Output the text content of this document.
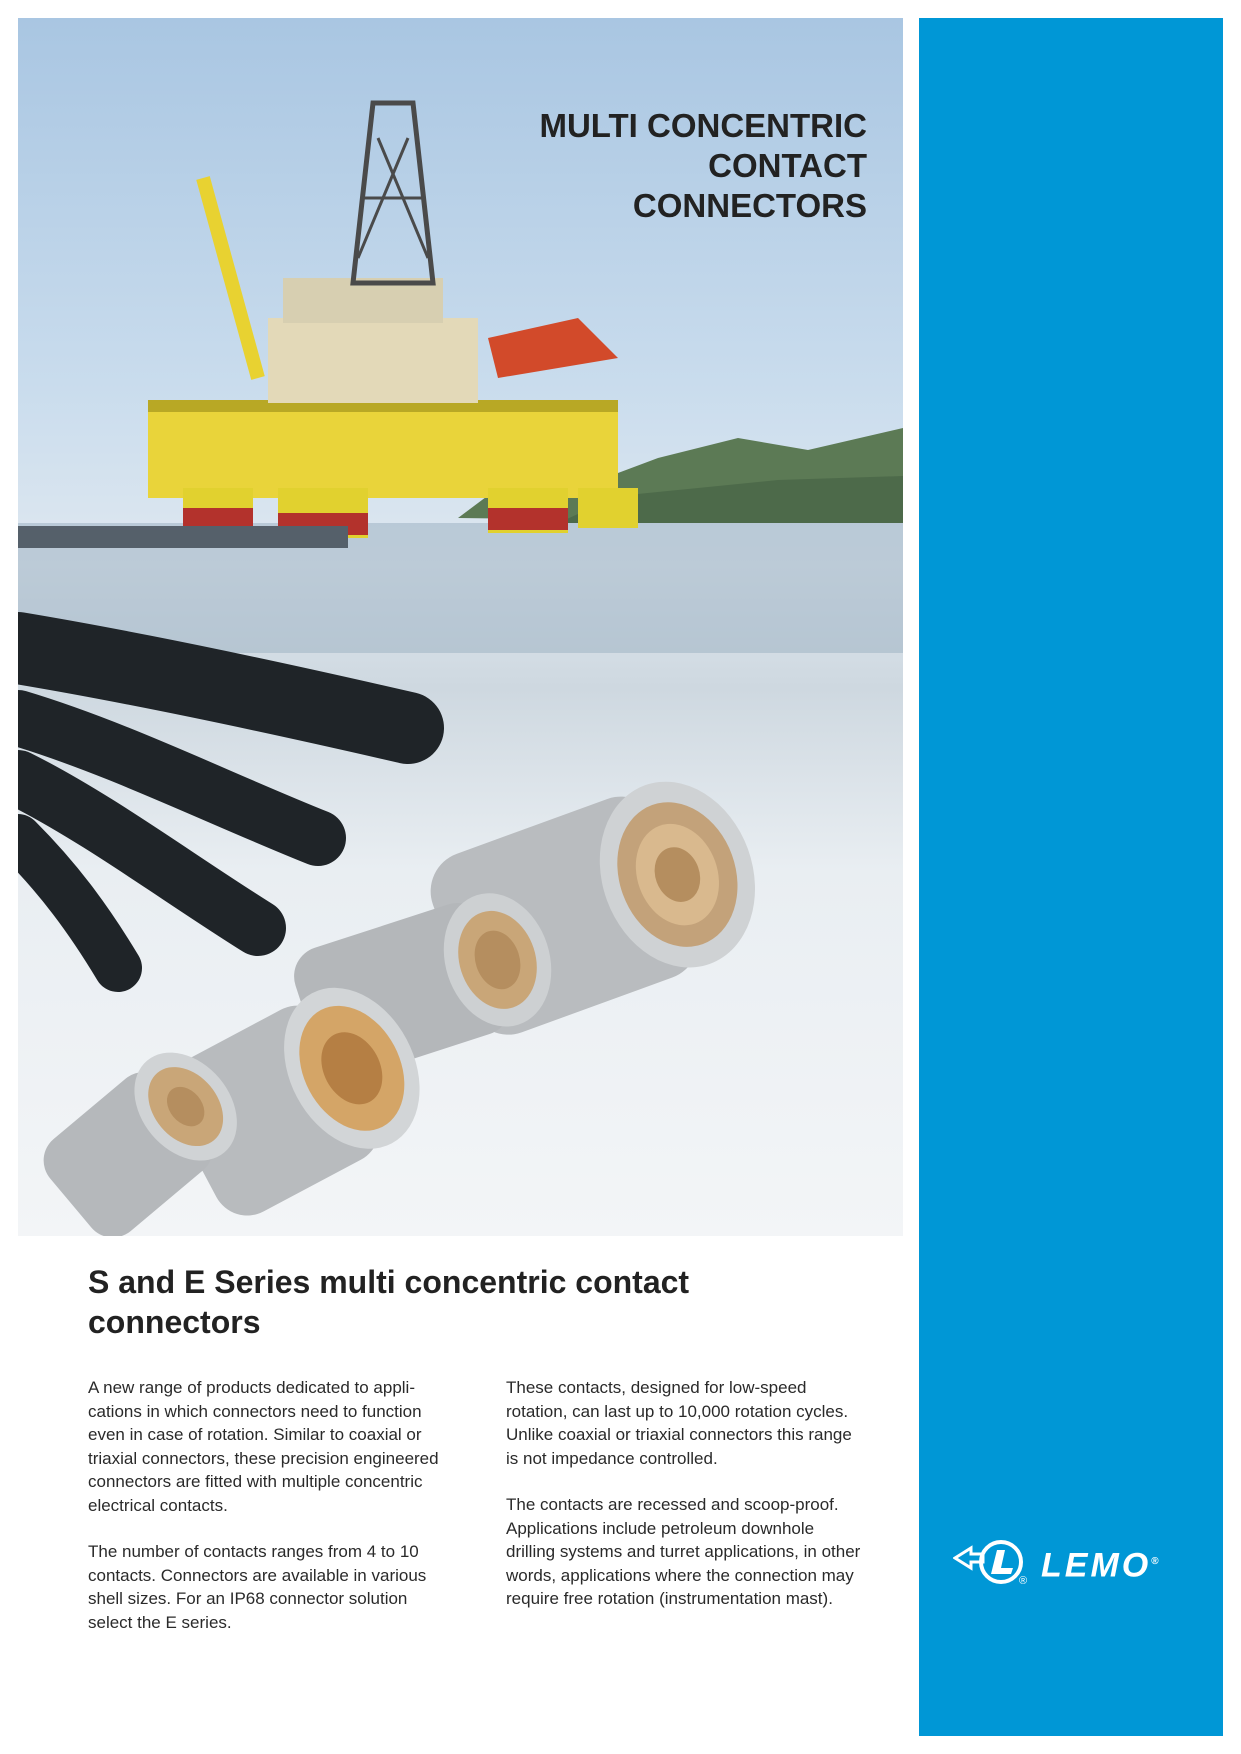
MULTI CONCENTRIC
CONTACT
CONNECTORS
® LEMO®
S and E Series multi concentric contact connectors

A new range of products dedicated to appli-
cations in which connectors need to function
even in case of rotation. Similar to coaxial or
triaxial connectors, these precision engineered
connectors are fitted with multiple concentric
electrical contacts.

The number of contacts ranges from 4 to 10
contacts. Connectors are available in various
shell sizes. For an IP68 connector solution
select the E series.

These contacts, designed for low-speed
rotation, can last up to 10,000 rotation cycles.
Unlike coaxial or triaxial connectors this range
is not impedance controlled.

The contacts are recessed and scoop-proof.
Applications include petroleum downhole
drilling systems and turret applications, in other
words, applications where the connection may
require free rotation (instrumentation mast).
